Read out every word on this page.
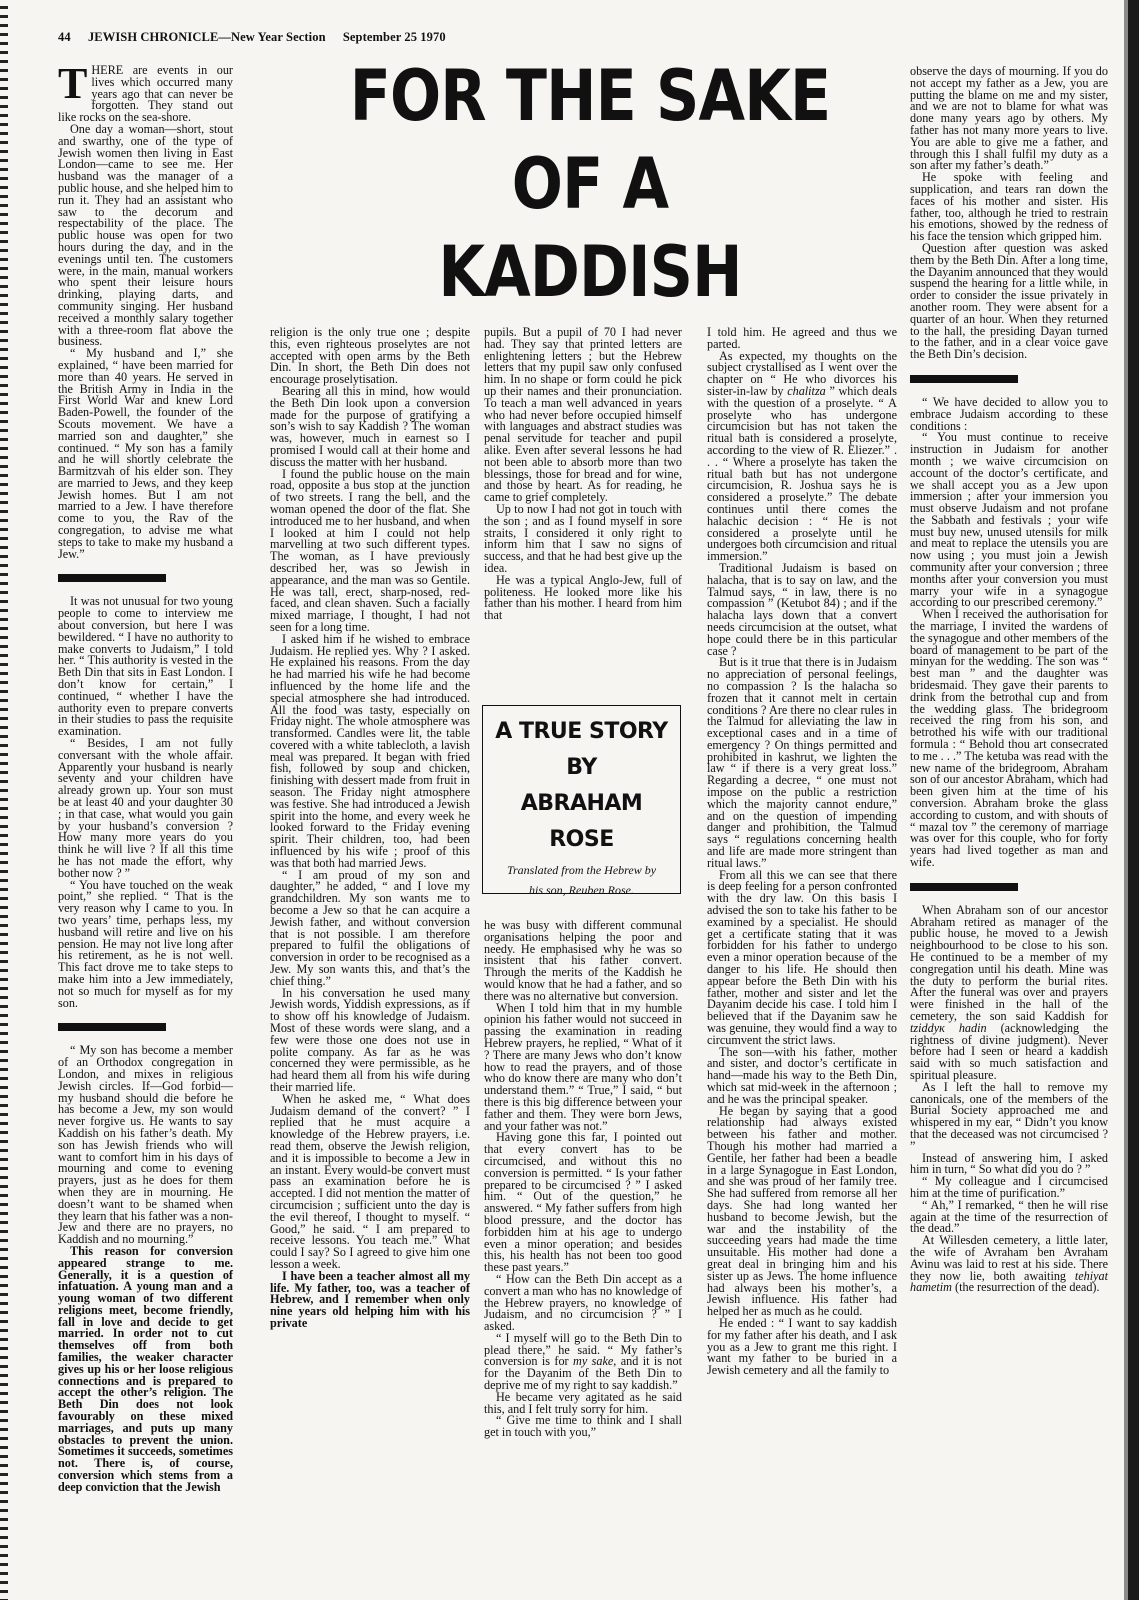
44 JEWISH CHRONICLE—New Year Section September 25 1970
FOR THE SAKE
OF A
KADDISH

THERE are events in our lives which occurred many years ago that can never be forgotten. They stand out like rocks on the sea-shore.

One day a woman—short, stout and swarthy, one of the type of Jewish women then living in East London—came to see me. Her husband was the manager of a public house, and she helped him to run it. They had an assistant who saw to the decorum and respectability of the place. The public house was open for two hours during the day, and in the evenings until ten. The customers were, in the main, manual workers who spent their leisure hours drinking, playing darts, and community singing. Her husband received a monthly salary together with a three-room flat above the business.

“ My husband and I,” she explained, “ have been married for more than 40 years. He served in the British Army in India in the First World War and knew Lord Baden-Powell, the founder of the Scouts movement. We have a married son and daughter,” she continued. “ My son has a family and he will shortly celebrate the Barmitzvah of his elder son. They are married to Jews, and they keep Jewish homes. But I am not married to a Jew. I have therefore come to you, the Rav of the congregation, to advise me what steps to take to make my husband a Jew.”

It was not unusual for two young people to come to interview me about conversion, but here I was bewildered. “ I have no authority to make converts to Judaism,” I told her. “ This authority is vested in the Beth Din that sits in East London. I don’t know for certain,” I continued, “ whether I have the authority even to prepare converts in their studies to pass the requisite examination.

“ Besides, I am not fully conversant with the whole affair. Apparently your husband is nearly seventy and your children have already grown up. Your son must be at least 40 and your daughter 30 ; in that case, what would you gain by your husband’s conversion ? How many more years do you think he will live ? If all this time he has not made the effort, why bother now ? ”

“ You have touched on the weak point,” she replied. “ That is the very reason why I came to you. In two years’ time, perhaps less, my husband will retire and live on his pension. He may not live long after his retirement, as he is not well. This fact drove me to take steps to make him into a Jew immediately, not so much for myself as for my son.

“ My son has become a member of an Orthodox congregation in London, and mixes in religious Jewish circles. If—God forbid—my husband should die before he has become a Jew, my son would never forgive us. He wants to say Kaddish on his father’s death. My son has Jewish friends who will want to comfort him in his days of mourning and come to evening prayers, just as he does for them when they are in mourning. He doesn’t want to be shamed when they learn that his father was a non-Jew and there are no prayers, no Kaddish and no mourning.”

This reason for conversion appeared strange to me. Generally, it is a question of infatuation. A young man and a young woman of two different religions meet, become friendly, fall in love and decide to get married. In order not to cut themselves off from both families, the weaker character gives up his or her loose religious connections and is prepared to accept the other’s religion. The Beth Din does not look favourably on these mixed marriages, and puts up many obstacles to prevent the union. Sometimes it succeeds, sometimes not. There is, of course, conversion which stems from a deep conviction that the Jewish

religion is the only true one ; despite this, even righteous proselytes are not accepted with open arms by the Beth Din. In short, the Beth Din does not encourage proselytisation.

Bearing all this in mind, how would the Beth Din look upon a conversion made for the purpose of gratifying a son’s wish to say Kaddish ? The woman was, however, much in earnest so I promised I would call at their home and discuss the matter with her husband.

I found the public house on the main road, opposite a bus stop at the junction of two streets. I rang the bell, and the woman opened the door of the flat. She introduced me to her husband, and when I looked at him I could not help marvelling at two such different types. The woman, as I have previously described her, was so Jewish in appearance, and the man was so Gentile. He was tall, erect, sharp-nosed, red-faced, and clean shaven. Such a facially mixed marriage, I thought, I had not seen for a long time.

I asked him if he wished to embrace Judaism. He replied yes. Why ? I asked. He explained his reasons. From the day he had married his wife he had become influenced by the home life and the special atmosphere she had introduced. All the food was tasty, especially on Friday night. The whole atmosphere was transformed. Candles were lit, the table covered with a white tablecloth, a lavish meal was prepared. It began with fried fish, followed by soup and chicken, finishing with dessert made from fruit in season. The Friday night atmosphere was festive. She had introduced a Jewish spirit into the home, and every week he looked forward to the Friday evening spirit. Their children, too, had been influenced by his wife ; proof of this was that both had married Jews.

“ I am proud of my son and daughter,” he added, “ and I love my grandchildren. My son wants me to become a Jew so that he can acquire a Jewish father, and without conversion that is not possible. I am therefore prepared to fulfil the obligations of conversion in order to be recognised as a Jew. My son wants this, and that’s the chief thing.”

In his conversation he used many Jewish words, Yiddish expressions, as if to show off his knowledge of Judaism. Most of these words were slang, and a few were those one does not use in polite company. As far as he was concerned they were permissible, as he had heard them all from his wife during their married life.

When he asked me, “ What does Judaism demand of the convert? ” I replied that he must acquire a knowledge of the Hebrew prayers, i.e. read them, observe the Jewish religion, and it is impossible to become a Jew in an instant. Every would-be convert must pass an examination before he is accepted. I did not mention the matter of circumcision ; sufficient unto the day is the evil thereof, I thought to myself. “ Good,” he said. “ I am prepared to receive lessons. You teach me.” What could I say? So I agreed to give him one lesson a week.

I have been a teacher almost all my life. My father, too, was a teacher of Hebrew, and I remember when only nine years old helping him with his private

pupils. But a pupil of 70 I had never had. They say that printed letters are enlightening letters ; but the Hebrew letters that my pupil saw only confused him. In no shape or form could he pick up their names and their pronunciation. To teach a man well advanced in years who had never before occupied himself with languages and abstract studies was penal servitude for teacher and pupil alike. Even after several lessons he had not been able to absorb more than two blessings, those for bread and for wine, and those by heart. As for reading, he came to grief completely.

Up to now I had not got in touch with the son ; and as I found myself in sore straits, I considered it only right to inform him that I saw no signs of success, and that he had best give up the idea.

He was a typical Anglo-Jew, full of politeness. He looked more like his father than his mother. I heard from him that

A TRUE STORY
BY
ABRAHAM
ROSE
Translated from the Hebrew by
his son, Reuben Rose.

he was busy with different communal organisations helping the poor and needy. He emphasised why he was so insistent that his father convert. Through the merits of the Kaddish he would know that he had a father, and so there was no alternative but conversion.

When I told him that in my humble opinion his father would not succeed in passing the examination in reading Hebrew prayers, he replied, “ What of it ? There are many Jews who don’t know how to read the prayers, and of those who do know there are many who don’t understand them.” “ True,” I said, “ but there is this big difference between your father and them. They were born Jews, and your father was not.”

Having gone this far, I pointed out that every convert has to be circumcised, and without this no conversion is permitted. “ Is your father prepared to be circumcised ? ” I asked him. “ Out of the question,” he answered. “ My father suffers from high blood pressure, and the doctor has forbidden him at his age to undergo even a minor operation; and besides this, his health has not been too good these past years.”

“ How can the Beth Din accept as a convert a man who has no knowledge of the Hebrew prayers, no knowledge of Judaism, and no circumcision ? ” I asked.

“ I myself will go to the Beth Din to plead there,” he said. “ My father’s conversion is for my sake, and it is not for the Dayanim of the Beth Din to deprive me of my right to say kaddish.”

He became very agitated as he said this, and I felt truly sorry for him.

“ Give me time to think and I shall get in touch with you,”

I told him. He agreed and thus we parted.

As expected, my thoughts on the subject crystallised as I went over the chapter on “ He who divorces his sister-in-law by chalitza ” which deals with the question of a proselyte. “ A proselyte who has undergone circumcision but has not taken the ritual bath is considered a proselyte, according to the view of R. Eliezer.” . . . “ Where a proselyte has taken the ritual bath but has not undergone circumcision, R. Joshua says he is considered a proselyte.” The debate continues until there comes the halachic decision : “ He is not considered a proselyte until he undergoes both circumcision and ritual immersion.”

Traditional Judaism is based on halacha, that is to say on law, and the Talmud says, “ in law, there is no compassion ” (Ketubot 84) ; and if the halacha lays down that a convert needs circumcision at the outset, what hope could there be in this particular case ?

But is it true that there is in Judaism no appreciation of personal feelings, no compassion ? Is the halacha so frozen that it cannot melt in certain conditions ? Are there no clear rules in the Talmud for alleviating the law in exceptional cases and in a time of emergency ? On things permitted and prohibited in kashrut, we lighten the law “ if there is a very great loss.” Regarding a decree, “ one must not impose on the public a restriction which the majority cannot endure,” and on the question of impending danger and prohibition, the Talmud says “ regulations concerning health and life are made more stringent than ritual laws.”

From all this we can see that there is deep feeling for a person confronted with the dry law. On this basis I advised the son to take his father to be examined by a specialist. He should get a certificate stating that it was forbidden for his father to undergo even a minor operation because of the danger to his life. He should then appear before the Beth Din with his father, mother and sister and let the Dayanim decide his case. I told him I believed that if the Dayanim saw he was genuine, they would find a way to circumvent the strict laws.

The son—with his father, mother and sister, and doctor’s certificate in hand—made his way to the Beth Din, which sat mid-week in the afternoon ; and he was the principal speaker.

He began by saying that a good relationship had always existed between his father and mother. Though his mother had married a Gentile, her father had been a beadle in a large Synagogue in East London, and she was proud of her family tree. She had suffered from remorse all her days. She had long wanted her husband to become Jewish, but the war and the instability of the succeeding years had made the time unsuitable. His mother had done a great deal in bringing him and his sister up as Jews. The home influence had always been his mother’s, a Jewish influence. His father had helped her as much as he could.

He ended : “ I want to say kaddish for my father after his death, and I ask you as a Jew to grant me this right. I want my father to be buried in a Jewish cemetery and all the family to

observe the days of mourning. If you do not accept my father as a Jew, you are putting the blame on me and my sister, and we are not to blame for what was done many years ago by others. My father has not many more years to live. You are able to give me a father, and through this I shall fulfil my duty as a son after my father’s death.”

He spoke with feeling and supplication, and tears ran down the faces of his mother and sister. His father, too, although he tried to restrain his emotions, showed by the redness of his face the tension which gripped him.

Question after question was asked them by the Beth Din. After a long time, the Dayanim announced that they would suspend the hearing for a little while, in order to consider the issue privately in another room. They were absent for a quarter of an hour. When they returned to the hall, the presiding Dayan turned to the father, and in a clear voice gave the Beth Din’s decision.

“ We have decided to allow you to embrace Judaism according to these conditions :

“ You must continue to receive instruction in Judaism for another month ; we waive circumcision on account of the doctor’s certificate, and we shall accept you as a Jew upon immersion ; after your immersion you must observe Judaism and not profane the Sabbath and festivals ; your wife must buy new, unused utensils for milk and meat to replace the utensils you are now using ; you must join a Jewish community after your conversion ; three months after your conversion you must marry your wife in a synagogue according to our prescribed ceremony.”

When I received the authorisation for the marriage, I invited the wardens of the synagogue and other members of the board of management to be part of the minyan for the wedding. The son was “ best man ” and the daughter was bridesmaid. They gave their parents to drink from the betrothal cup and from the wedding glass. The bridegroom received the ring from his son, and betrothed his wife with our traditional formula : “ Behold thou art consecrated to me . . .” The ketuba was read with the new name of the bridegroom, Abraham son of our ancestor Abraham, which had been given him at the time of his conversion. Abraham broke the glass according to custom, and with shouts of “ mazal tov ” the ceremony of marriage was over for this couple, who for forty years had lived together as man and wife.

When Abraham son of our ancestor Abraham retired as manager of the public house, he moved to a Jewish neighbourhood to be close to his son. He continued to be a member of my congregation until his death. Mine was the duty to perform the burial rites. After the funeral was over and prayers were finished in the hall of the cemetery, the son said Kaddish for tziddук hadin (acknowledging the rightness of divine judgment). Never before had I seen or heard a kaddish said with so much satisfaction and spiritual pleasure.

As I left the hall to remove my canonicals, one of the members of the Burial Society approached me and whispered in my ear, “ Didn’t you know that the deceased was not circumcised ? ”

Instead of answering him, I asked him in turn, “ So what did you do ? ”

“ My colleague and I circumcised him at the time of purification.”

“ Ah,” I remarked, “ then he will rise again at the time of the resurrection of the dead.”

At Willesden cemetery, a little later, the wife of Avraham ben Avraham Avinu was laid to rest at his side. There they now lie, both awaiting tehiyat hametim (the resurrection of the dead).
